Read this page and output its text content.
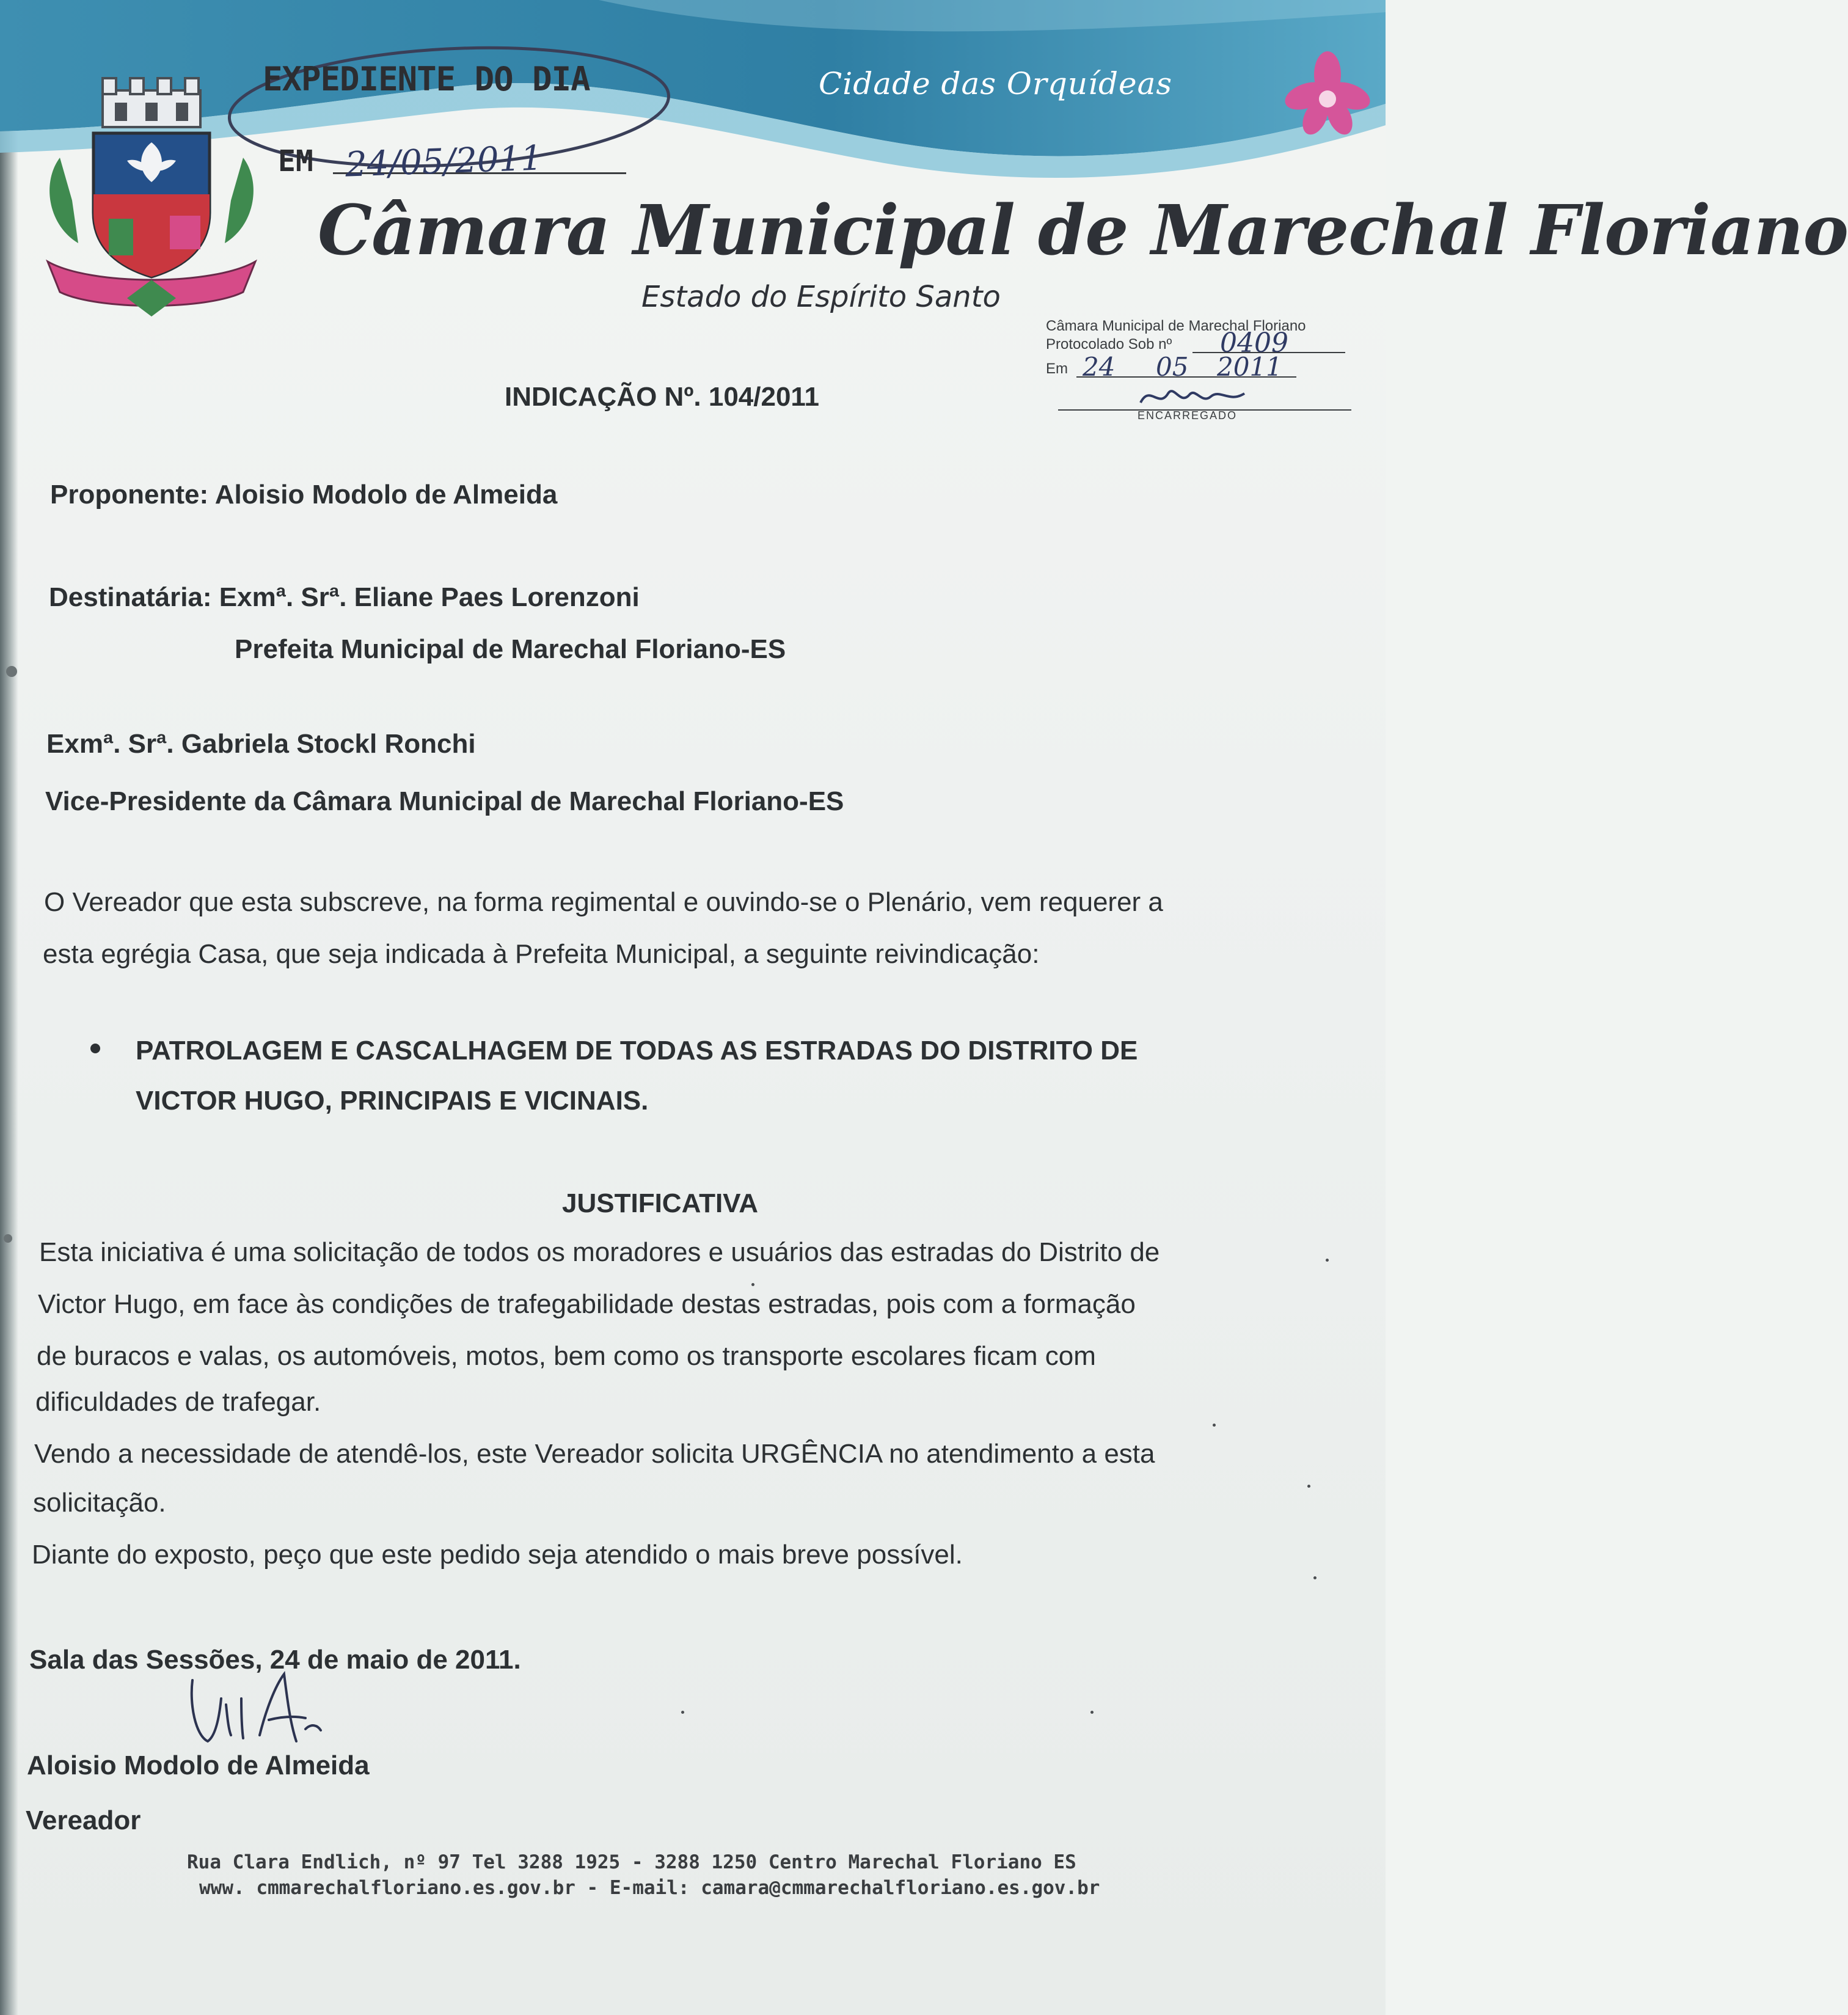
Cidade das Orquídeas
EXPEDIENTE DO DIA
EM 24/05/2011
Câmara Municipal de Marechal Floriano
Estado do Espírito Santo
Câmara Municipal de Marechal Floriano
Protocolado Sob nº 0409
Em 24 05 2011
ENCARREGADO
INDICAÇÃO Nº. 104/2011
Proponente: Aloisio Modolo de Almeida
Destinatária: Exmª. Srª. Eliane Paes Lorenzoni
Prefeita Municipal de Marechal Floriano-ES
Exmª. Srª. Gabriela Stockl Ronchi
Vice-Presidente da Câmara Municipal de Marechal Floriano-ES
O Vereador que esta subscreve, na forma regimental e ouvindo-se o Plenário, vem requerer a
esta egrégia Casa, que seja indicada à Prefeita Municipal, a seguinte reivindicação:
PATROLAGEM E CASCALHAGEM DE TODAS AS ESTRADAS DO DISTRITO DE
VICTOR HUGO, PRINCIPAIS E VICINAIS.
JUSTIFICATIVA
Esta iniciativa é uma solicitação de todos os moradores e usuários das estradas do Distrito de
Victor Hugo, em face às condições de trafegabilidade destas estradas, pois com a formação
de buracos e valas, os automóveis, motos, bem como os transporte escolares ficam com
dificuldades de trafegar.
Vendo a necessidade de atendê-los, este Vereador solicita URGÊNCIA no atendimento a esta
solicitação.
Diante do exposto, peço que este pedido seja atendido o mais breve possível.
Sala das Sessões, 24 de maio de 2011.
Aloisio Modolo de Almeida
Vereador
Rua Clara Endlich, nº 97 Tel 3288 1925 - 3288 1250 Centro Marechal Floriano ES
www. cmmarechalfloriano.es.gov.br - E-mail: camara@cmmarechalfloriano.es.gov.br
